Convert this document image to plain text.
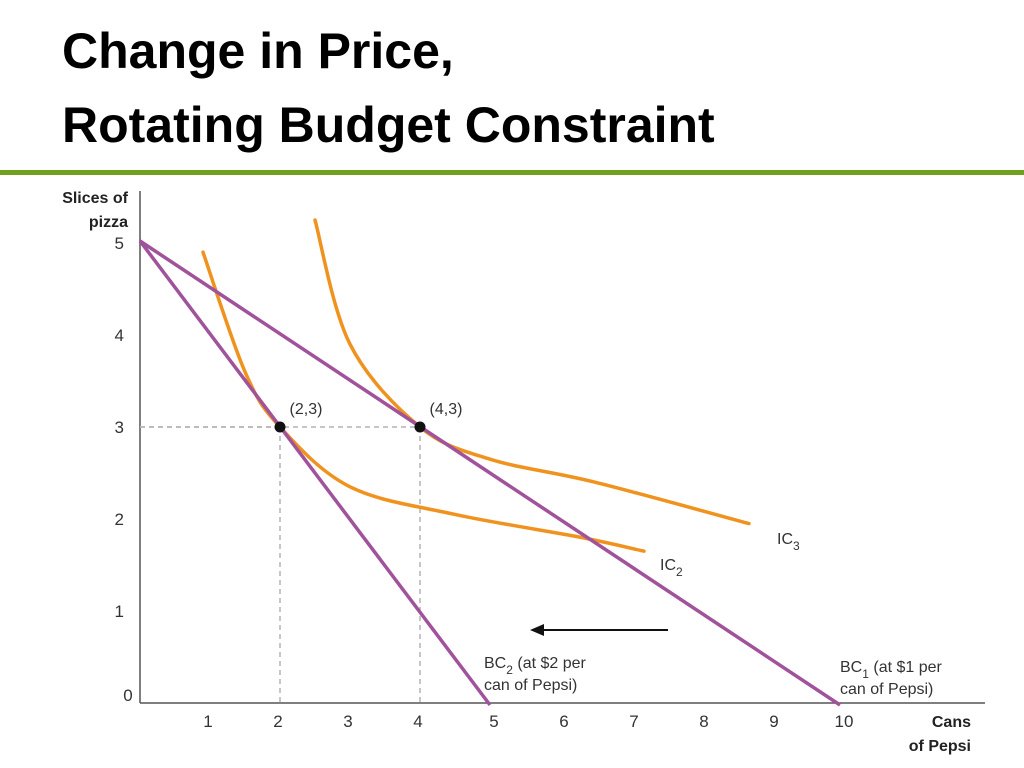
Change in Price,
Rotating Budget Constraint
0
1	2	3	4	5	6	7	8	9	10
1
2
3
4
5
Slices of
pizza
Cans
of Pepsi
(2,3)	(4,3)
$IC_2$
$IC_3$
$BC_2$ (at $2 per
can of Pepsi)
$BC_1$ (at $1 per
can of Pepsi)
